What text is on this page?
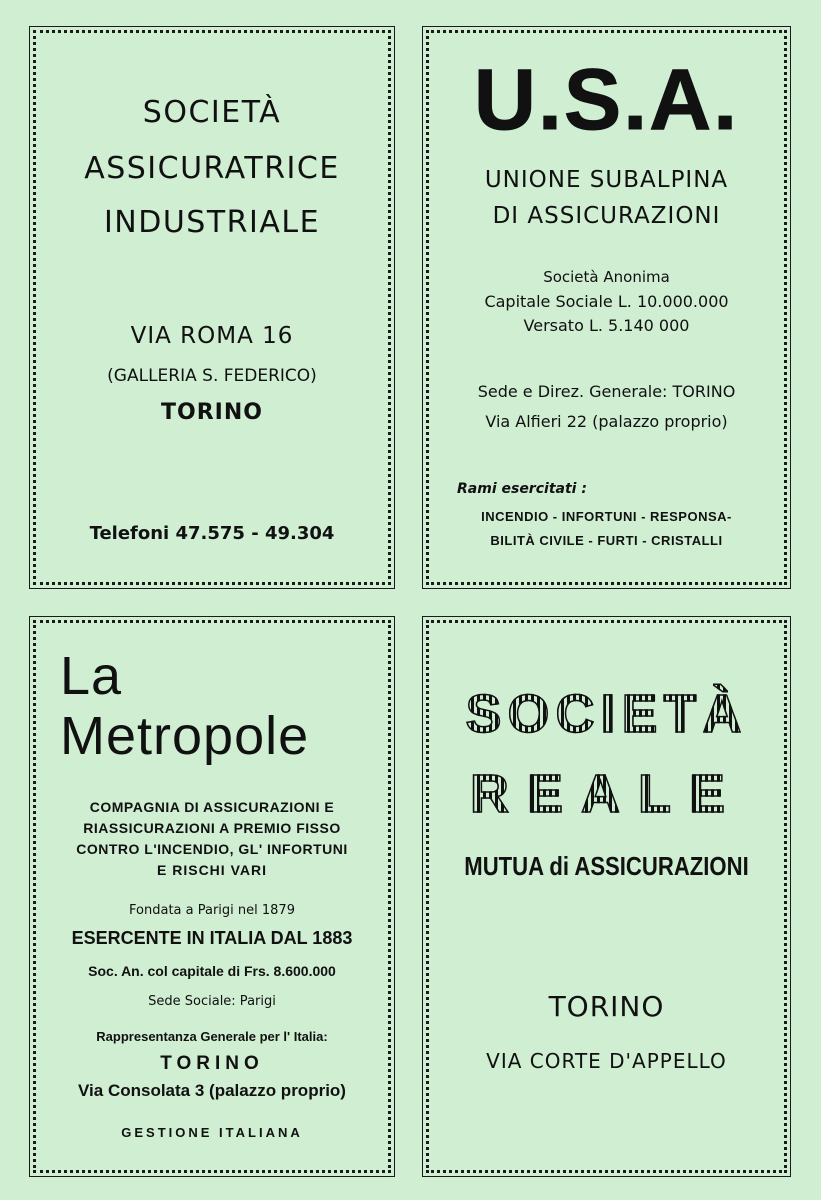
SOCIETÀ
ASSICURATRICE
INDUSTRIALE
VIA ROMA 16
(GALLERIA S. FEDERICO)
TORINO
Telefoni 47.575 - 49.304
U.S.A.
UNIONE SUBALPINA
DI ASSICURAZIONI
Società Anonima
Capitale Sociale L. 10.000.000
Versato L. 5.140 000
Sede e Direz. Generale: TORINO
Via Alfieri 22 (palazzo proprio)
Rami esercitati :
INCENDIO - INFORTUNI - RESPONSA-
BILITÀ CIVILE - FURTI - CRISTALLI
La
Metropole
COMPAGNIA DI ASSICURAZIONI E
RIASSICURAZIONI A PREMIO FISSO
CONTRO L'INCENDIO, GL' INFORTUNI
E RISCHI VARI
Fondata a Parigi nel 1879
ESERCENTE IN ITALIA DAL 1883
Soc. An. col capitale di Frs. 8.600.000
Sede Sociale: Parigi
Rappresentanza Generale per l' Italia:
TORINO
Via Consolata 3 (palazzo proprio)
GESTIONE ITALIANA
SOCIETÀ
REALE
MUTUA di ASSICURAZIONI
TORINO
VIA CORTE D'APPELLO
